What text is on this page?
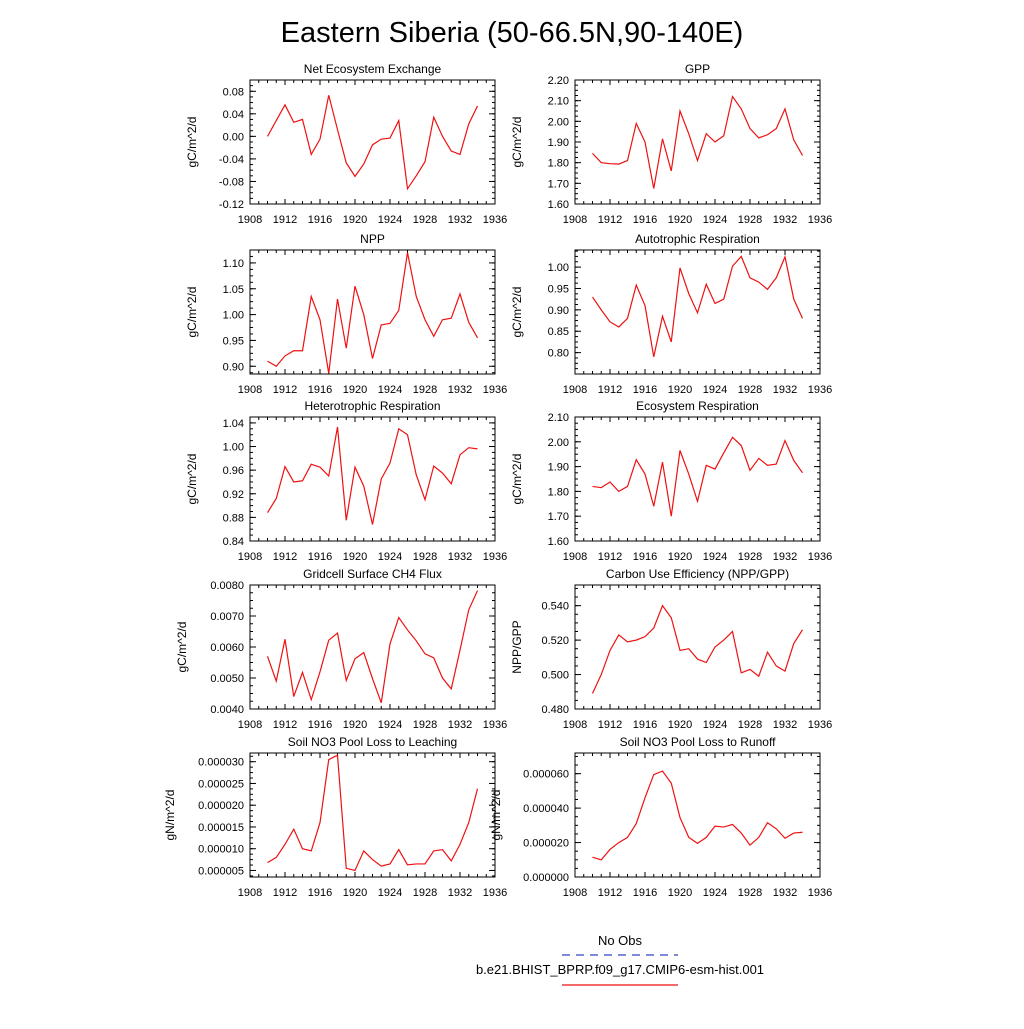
Eastern Siberia (50-66.5N,90-140E)
Net Ecosystem Exchange
gC/m^2/d
1908 1912 1916 1920 1924 1928 1932 1936
-0.12
-0.08
-0.04
0.00
0.04
0.08
GPP
gC/m^2/d
1908 1912 1916 1920 1924 1928 1932 1936
1.60
1.70
1.80
1.90
2.00
2.10
2.20
NPP
gC/m^2/d
1908 1912 1916 1920 1924 1928 1932 1936
0.90
0.95
1.00
1.05
1.10
Autotrophic Respiration
gC/m^2/d
1908 1912 1916 1920 1924 1928 1932 1936
0.80
0.85
0.90
0.95
1.00
Heterotrophic Respiration
gC/m^2/d
1908 1912 1916 1920 1924 1928 1932 1936
0.84
0.88
0.92
0.96
1.00
1.04
Ecosystem Respiration
gC/m^2/d
1908 1912 1916 1920 1924 1928 1932 1936
1.60
1.70
1.80
1.90
2.00
2.10
Gridcell Surface CH4 Flux
gC/m^2/d
1908 1912 1916 1920 1924 1928 1932 1936
0.0040
0.0050
0.0060
0.0070
0.0080
Carbon Use Efficiency (NPP/GPP)
NPP/GPP
1908 1912 1916 1920 1924 1928 1932 1936
0.480
0.500
0.520
0.540
Soil NO3 Pool Loss to Leaching
gN/m^2/d
1908 1912 1916 1920 1924 1928 1932 1936
0.000005
0.000010
0.000015
0.000020
0.000025
0.000030
Soil NO3 Pool Loss to Runoff
gN/m^2/d
1908 1912 1916 1920 1924 1928 1932 1936
0.000000
0.000020
0.000040
0.000060
No Obs
b.e21.BHIST_BPRP.f09_g17.CMIP6-esm-hist.001
